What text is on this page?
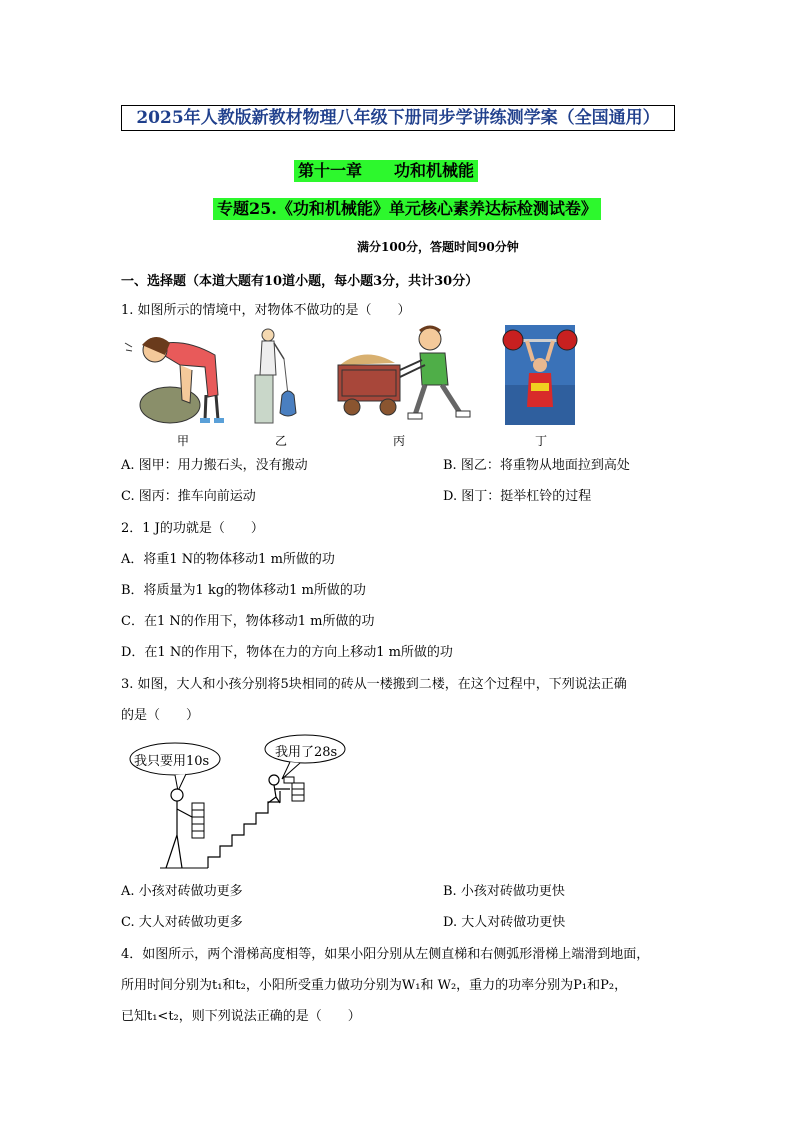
2025年人教版新教材物理八年级下册同步学讲练测学案（全国通用）
第十一章　　功和机械能
专题25.《功和机械能》单元核心素养达标检测试卷》
满分100分，答题时间90分钟
一、选择题（本道大题有10道小题，每小题3分，共计30分）
1. 如图所示的情境中，对物体不做功的是（　　）
甲	乙	丙	丁
A. 图甲：用力搬石头，没有搬动	B. 图乙：将重物从地面拉到高处
C. 图丙：推车向前运动	D. 图丁：挺举杠铃的过程
2．1 J的功就是（　　）
A．将重1 N的物体移动1 m所做的功
B．将质量为1 kg的物体移动1 m所做的功
C．在1 N的作用下，物体移动1 m所做的功
D．在1 N的作用下，物体在力的方向上移动1 m所做的功
3. 如图，大人和小孩分别将5块相同的砖从一楼搬到二楼，在这个过程中，下列说法正确
的是（　　）
我只要用10s
我用了28s
A. 小孩对砖做功更多	B. 小孩对砖做功更快
C. 大人对砖做功更多	D. 大人对砖做功更快
4．如图所示，两个滑梯高度相等，如果小阳分别从左侧直梯和右侧弧形滑梯上端滑到地面，
所用时间分别为t₁和t₂，小阳所受重力做功分别为W₁和 W₂，重力的功率分别为P₁和P₂，
已知t₁<t₂，则下列说法正确的是（　　）
